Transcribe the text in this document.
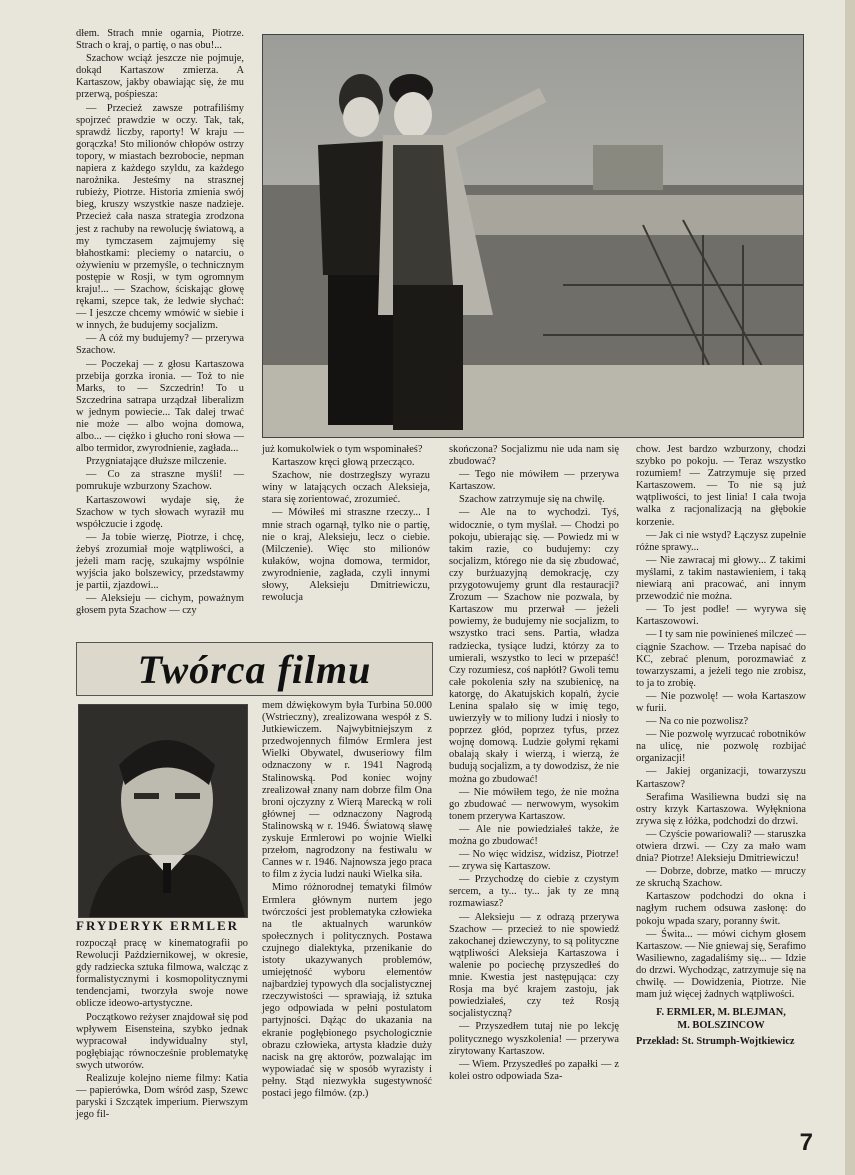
dłem. Strach mnie ogarnia, Piotrze. Strach o kraj, o partię, o nas obu!...

Szachow wciąż jeszcze nie pojmuje, dokąd Kartaszow zmierza. A Kartaszow, jakby obawiając się, że mu przerwą, pośpiesza:

— Przecież zawsze potrafiliśmy spojrzeć prawdzie w oczy. Tak, tak, sprawdź liczby, raporty! W kraju — gorączka! Sto milionów chłopów ostrzy topory, w miastach bezrobocie, nepman napiera z każdego szyldu, za każdego narożnika. Jesteśmy na strasznej rubieży, Piotrze. Historia zmienia swój bieg, kruszy wszystkie nasze nadzieje. Przecież cała nasza strategia zrodzona jest z rachuby na rewolucję światową, a my tymczasem zajmujemy się błahostkami: pleciemy o natarciu, o ożywieniu w przemyśle, o technicznym postępie w Rosji, w tym ogromnym kraju!... — Szachow, ściskając głowę rękami, szepce tak, że ledwie słychać: — I jeszcze chcemy wmówić w siebie i w innych, że budujemy socjalizm.

— A cóż my budujemy? — przerywa Szachow.

— Poczekaj — z głosu Kartaszowa przebija gorzka ironia. — Toż to nie Marks, to — Szczedrin! To u Szczedrina satrapa urządzał liberalizm w jednym powiecie... Tak dalej trwać nie może — albo wojna domowa, albo... — ciężko i głucho roni słowa — albo termidor, zwyrodnienie, zagłada...

Przygniatające dłuższe milczenie.

— Co za straszne myśli! — pomrukuje wzburzony Szachow.

Kartaszowowi wydaje się, że Szachow w tych słowach wyraził mu współczucie i zgodę.

— Ja tobie wierzę, Piotrze, i chcę, żebyś zrozumiał moje wątpliwości, a jeżeli mam rację, szukajmy wspólnie wyjścia jako bolszewicy, przedstawmy je partii, zjazdowi...

— Aleksieju — cichym, poważnym głosem pyta Szachow — czy

już komukolwiek o tym wspominałeś?

Kartaszow kręci głową przecząco.

Szachow, nie dostrzegłszy wyrazu winy w latających oczach Aleksieja, stara się zorientować, zrozumieć.

— Mówiłeś mi straszne rzeczy... I mnie strach ogarnął, tylko nie o partię, nie o kraj, Aleksieju, lecz o ciebie. (Milczenie). Więc sto milionów kułaków, wojna domowa, termidor, zwyrodnienie, zagłada, czyli innymi słowy, Aleksieju Dmitriewiczu, rewolucja

skończona? Socjalizmu nie uda nam się zbudować?

— Tego nie mówiłem — przerywa Kartaszow.

Szachow zatrzymuje się na chwilę.

— Ale na to wychodzi. Tyś, widocznie, o tym myślał. — Chodzi po pokoju, ubierając się. — Powiedz mi w takim razie, co budujemy: czy socjalizm, którego nie da się zbudować, czy burżuazyjną demokrację, czy przygotowujemy grunt dla restauracji? Zrozum — Szachow nie pozwala, by Kartaszow mu przerwał — jeżeli powiemy, że budujemy nie socjalizm, to wszystko traci sens. Partia, władza radziecka, tysiące ludzi, którzy za to umierali, wszystko to leci w przepaść! Czy rozumiesz, coś napłótł? Gwoli temu całe pokolenia szły na szubienicę, na katorgę, do Akatujskich kopalń, życie Lenina spalało się w imię tego, uwierzyły w to miliony ludzi i niosły to poprzez głód, poprzez tyfus, przez wojnę domową. Ludzie gołymi rękami obalają skały i wierzą, i wierzą, że budują socjalizm, a ty dowodzisz, że nie można go zbudować!

— Nie mówiłem tego, że nie można go zbudować — nerwowym, wysokim tonem przerywa Kartaszow.

— Ale nie powiedziałeś także, że można go zbudować!

— No więc widzisz, widzisz, Piotrze! — zrywa się Kartaszow.

— Przychodzę do ciebie z czystym sercem, a ty... ty... jak ty ze mną rozmawiasz?

— Aleksieju — z odrazą przerywa Szachow — przecież to nie spowiedź zakochanej dziewczyny, to są polityczne wątpliwości Aleksieja Kartaszowa i walenie po pociechę przyszedłeś do mnie. Kwestia jest następująca: czy Rosja ma być krajem zastoju, jak powiedziałeś, czy też Rosją socjalistyczną?

— Przyszedłem tutaj nie po lekcję politycznego wyszkolenia! — przerywa zirytowany Kartaszow.

— Wiem. Przyszedłeś po zapałki — z kolei ostro odpowiada Sza-

chow. Jest bardzo wzburzony, chodzi szybko po pokoju. — Teraz wszystko rozumiem! — Zatrzymuje się przed Kartaszowem. — To nie są już wątpliwości, to jest linia! I cała twoja walka z racjonalizacją na głębokie korzenie.

— Jak ci nie wstyd? Łączysz zupełnie różne sprawy...

— Nie zawracaj mi głowy... Z takimi myślami, z takim nastawieniem, i taką niewiarą ani pracować, ani innym przewodzić nie można.

— To jest podłe! — wyrywa się Kartaszowowi.

— I ty sam nie powinieneś milczeć — ciągnie Szachow. — Trzeba napisać do KC, zebrać plenum, porozmawiać z towarzyszami, a jeżeli tego nie zrobisz, to ja to zrobię.

— Nie pozwolę! — woła Kartaszow w furii.

— Na co nie pozwolisz?

— Nie pozwolę wyrzucać robotników na ulicę, nie pozwolę rozbijać organizacji!

— Jakiej organizacji, towarzyszu Kartaszow?

Serafima Wasiliewna budzi się na ostry krzyk Kartaszowa. Wyłękniona zrywa się z łóżka, podchodzi do drzwi.

— Czyście powariowali? — staruszka otwiera drzwi. — Czy za mało wam dnia? Piotrze! Aleksieju Dmitriewiczu!

— Dobrze, dobrze, matko — mruczy ze skruchą Szachow.

Kartaszow podchodzi do okna i nagłym ruchem odsuwa zasłonę: do pokoju wpada szary, poranny świt.

— Świta... — mówi cichym głosem Kartaszow. — Nie gniewaj się, Serafimo Wasiliewno, zagadaliśmy się... — Idzie do drzwi. Wychodząc, zatrzymuje się na chwilę. — Dowidzenia, Piotrze. Nie mam już więcej żadnych wątpliwości.

F. ERMLER, M. BLEJMAN,

M. BOLSZINCOW

Przekład: St. Strumph-Wojtkiewicz

Twórca filmu
FRYDERYK ERMLER

rozpoczął pracę w kinematografii po Rewolucji Październikowej, w okresie, gdy radziecka sztuka filmowa, walcząc z formalistycznymi i kosmopolitycznymi tendencjami, tworzyła swoje nowe oblicze ideowo-artystyczne.

Początkowo reżyser znajdował się pod wpływem Eisensteina, szybko jednak wypracował indywidualny styl, pogłębiając równocześnie problematykę swych utworów.

Realizuje kolejno nieme filmy: Katia — papierówka, Dom wśród zasp, Szewc paryski i Szczątek imperium. Pierwszym jego fil-

mem dźwiękowym była Turbina 50.000 (Wstrieczny), zrealizowana wespół z S. Jutkiewiczem. Najwybitniejszym z przedwojennych filmów Ermlera jest Wielki Obywatel, dwuseriowy film odznaczony w r. 1941 Nagrodą Stalinowską. Pod koniec wojny zrealizował znany nam dobrze film Ona broni ojczyzny z Wierą Marecką w roli głównej — odznaczony Nagrodą Stalinowską w r. 1946. Światową sławę zyskuje Ermlerowi po wojnie Wielki przełom, nagrodzony na festiwalu w Cannes w r. 1946. Najnowsza jego praca to film z życia ludzi nauki Wielka siła.

Mimo różnorodnej tematyki filmów Ermlera głównym nurtem jego twórczości jest problematyka człowieka na tle aktualnych warunków społecznych i politycznych. Postawa czujnego dialektyka, przenikanie do istoty ukazywanych problemów, umiejętność wyboru elementów najbardziej typowych dla socjalistycznej rzeczywistości — sprawiają, iż sztuka jego odpowiada w pełni postulatom partyjności. Dążąc do ukazania na ekranie pogłębionego psychologicznie obrazu człowieka, artysta kładzie duży nacisk na grę aktorów, pozwalając im wypowiadać się w sposób wyrazisty i pełny. Stąd niezwykła sugestywność postaci jego filmów. (zp.)

7
